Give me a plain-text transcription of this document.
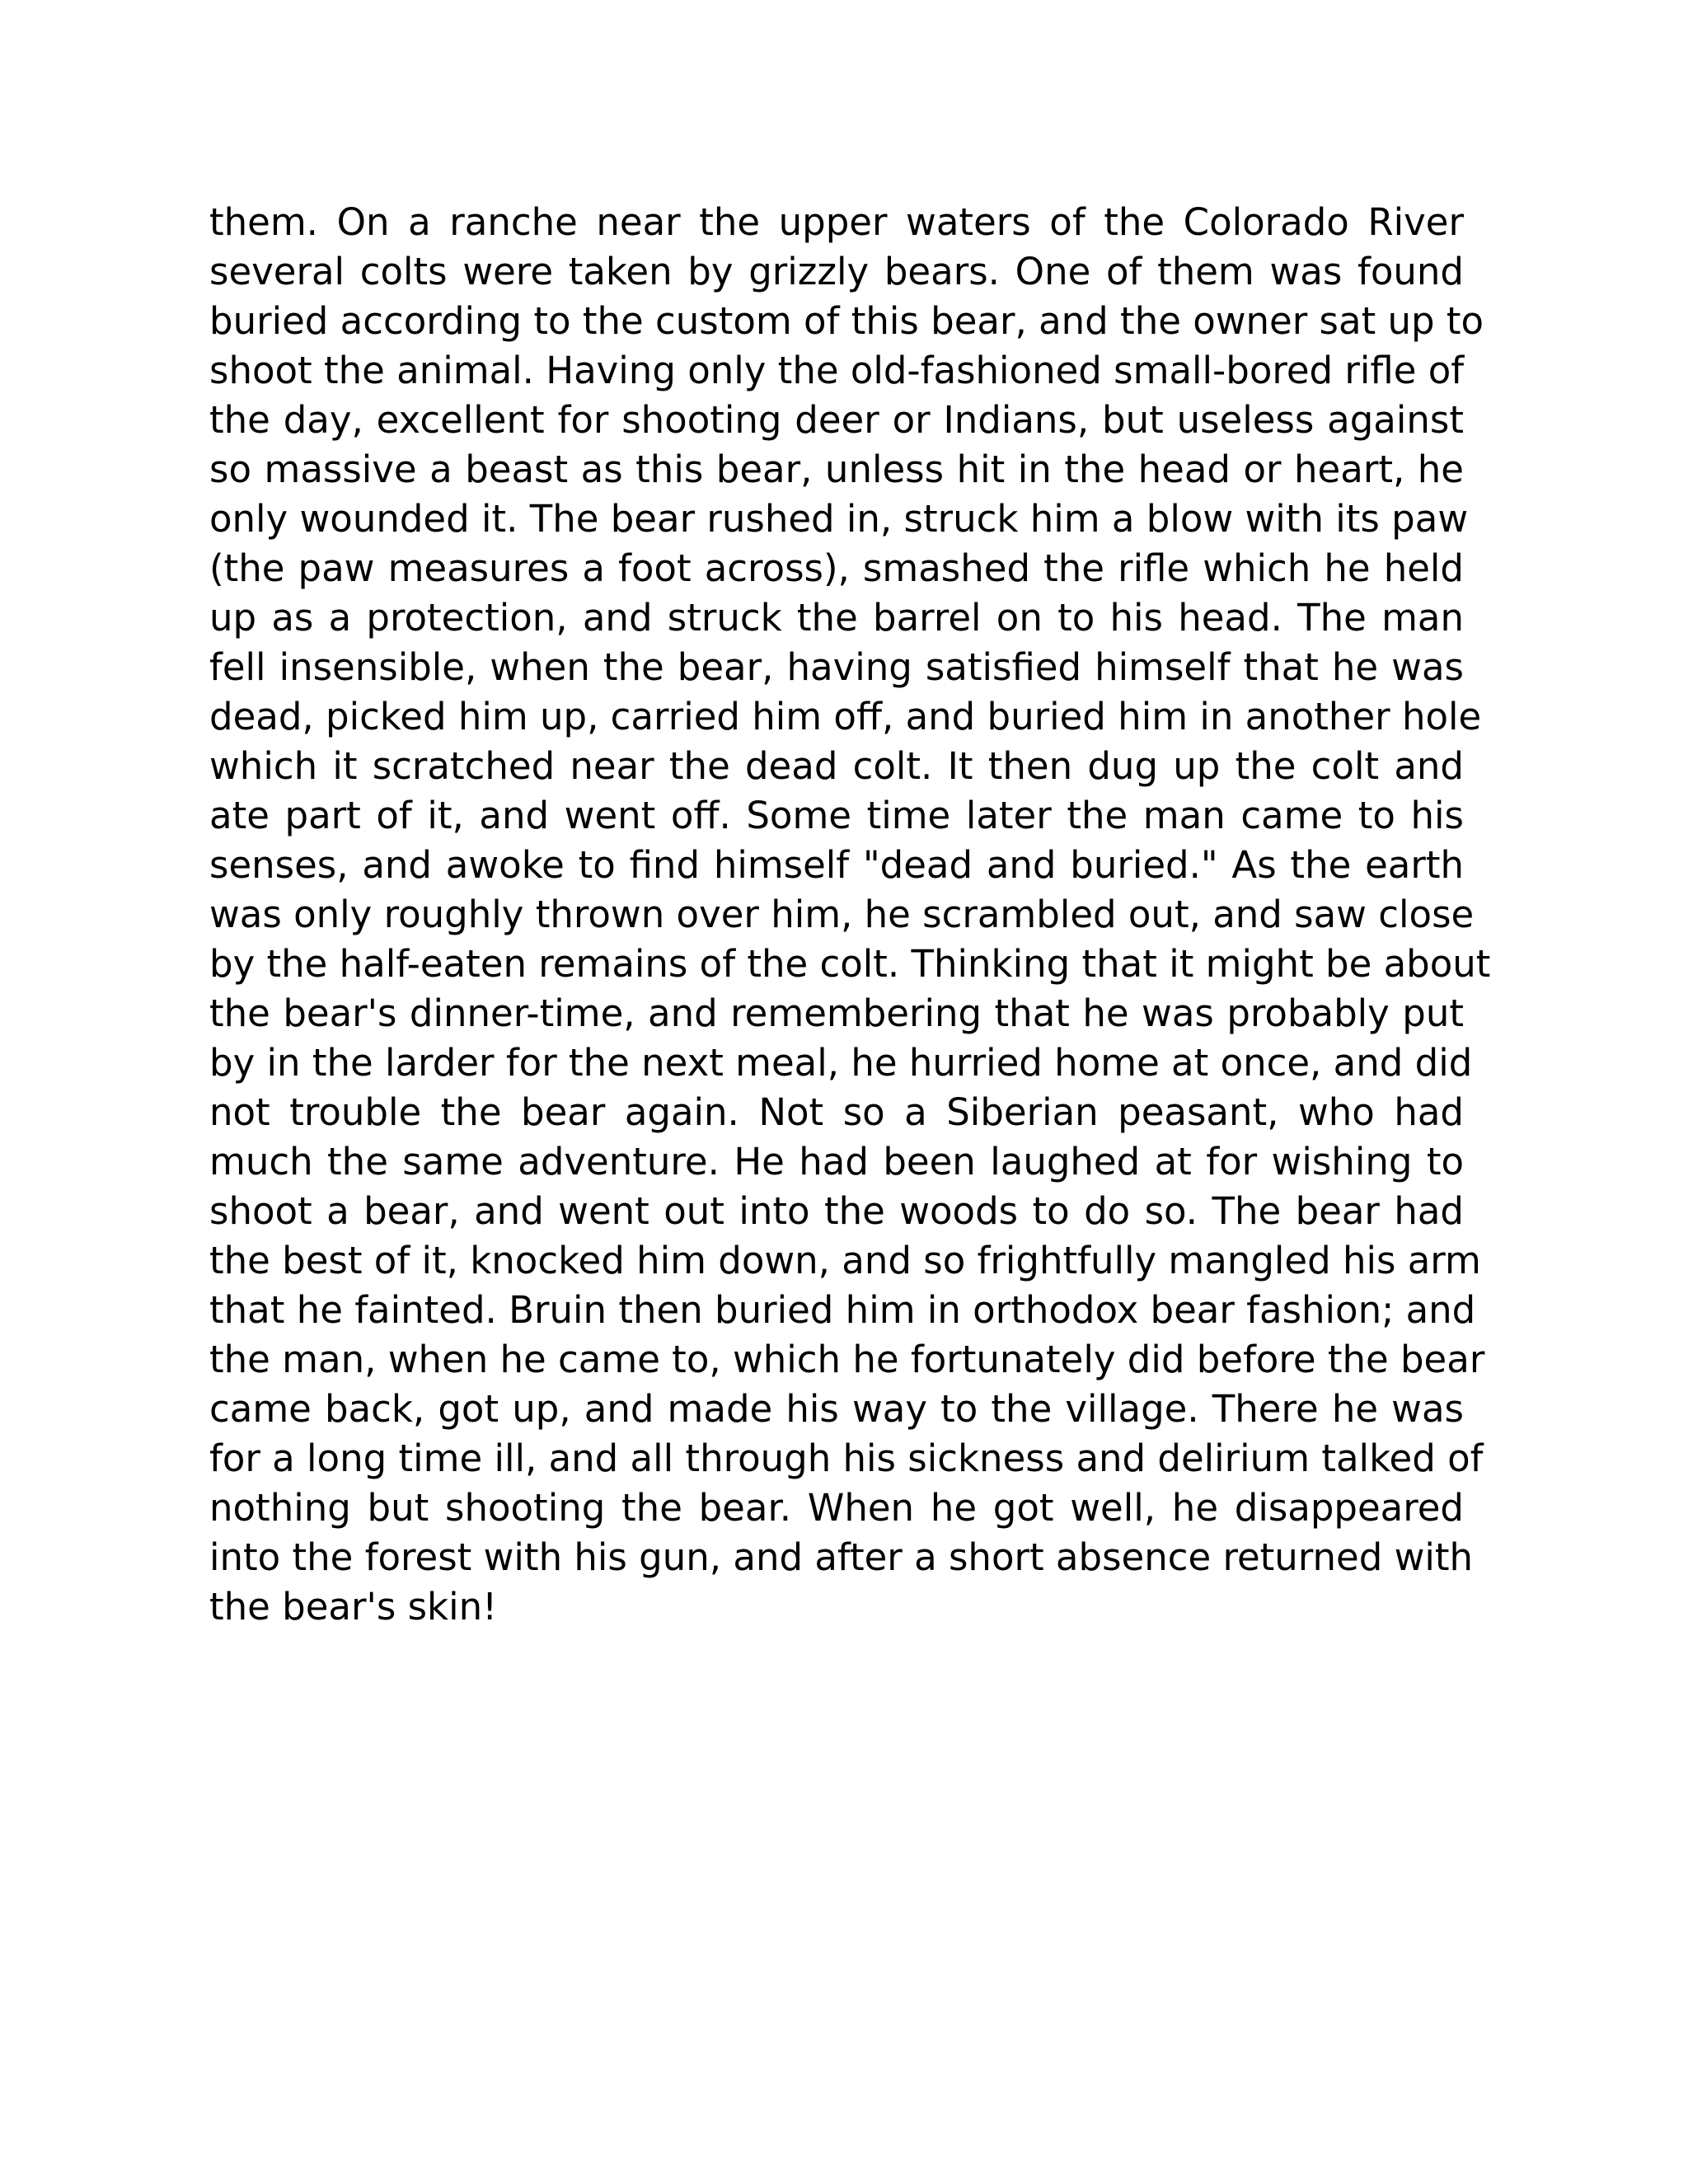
them. On a ranche near the upper waters of the Colorado River
several colts were taken by grizzly bears. One of them was found
buried according to the custom of this bear, and the owner sat up to
shoot the animal. Having only the old-fashioned small-bored rifle of
the day, excellent for shooting deer or Indians, but useless against
so massive a beast as this bear, unless hit in the head or heart, he
only wounded it. The bear rushed in, struck him a blow with its paw
(the paw measures a foot across), smashed the rifle which he held
up as a protection, and struck the barrel on to his head. The man
fell insensible, when the bear, having satisfied himself that he was
dead, picked him up, carried him off, and buried him in another hole
which it scratched near the dead colt. It then dug up the colt and
ate part of it, and went off. Some time later the man came to his
senses, and awoke to find himself "dead and buried." As the earth
was only roughly thrown over him, he scrambled out, and saw close
by the half-eaten remains of the colt. Thinking that it might be about
the bear's dinner-time, and remembering that he was probably put
by in the larder for the next meal, he hurried home at once, and did
not trouble the bear again. Not so a Siberian peasant, who had
much the same adventure. He had been laughed at for wishing to
shoot a bear, and went out into the woods to do so. The bear had
the best of it, knocked him down, and so frightfully mangled his arm
that he fainted. Bruin then buried him in orthodox bear fashion; and
the man, when he came to, which he fortunately did before the bear
came back, got up, and made his way to the village. There he was
for a long time ill, and all through his sickness and delirium talked of
nothing but shooting the bear. When he got well, he disappeared
into the forest with his gun, and after a short absence returned with
the bear's skin!
